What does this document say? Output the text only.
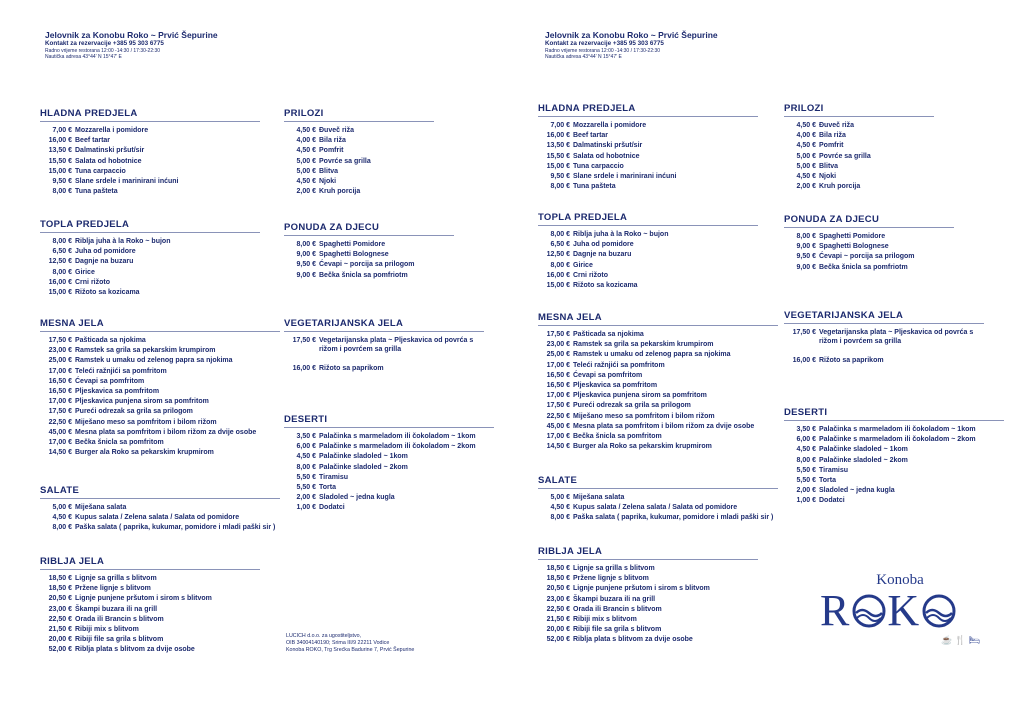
Jelovnik za Konobu Roko ~ Prvić Šepurine
Kontakt za rezervacije +385 95 303 6775
Radno vrijeme restorana 12:00 -14:30 / 17:30-22:30
Nautička adresa 43°44' N 15°47' E
HLADNA PREDJELA
7,00 € Mozzarella i pomidore
16,00 € Beef tartar
13,50 € Dalmatinski pršut/sir
15,50 € Salata od hobotnice
15,00 € Tuna carpaccio
9,50 € Slane srdele i marinirani inćuni
8,00 € Tuna pašteta
TOPLA PREDJELA
8,00 € Riblja juha à la Roko ~ bujon
6,50 € Juha od pomidore
12,50 € Dagnje na buzaru
8,00 € Girice
16,00 € Crni rižoto
15,00 € Rižoto sa kozicama
MESNA JELA
17,50 € Pašticada sa njokima
23,00 € Ramstek sa grila sa pekarskim krumpirom
25,00 € Ramstek u umaku od zelenog papra sa njokima
17,00 € Teleći ražnjići sa pomfritom
16,50 € Ćevapi sa pomfritom
16,50 € Pljeskavica sa pomfritom
17,00 € Pljeskavica punjena sirom sa pomfritom
17,50 € Pureći odrezak sa grila sa prilogom
22,50 € Miješano meso sa pomfritom i bilom rižom
45,00 € Mesna plata sa pomfritom i bilom rižom za dvije osobe
17,00 € Bečka šnicla sa pomfritom
14,50 € Burger ala Roko sa pekarskim krupmirom
SALATE
5,00 € Miješana salata
4,50 € Kupus salata / Zelena salata / Salata od pomidore
8,00 € Paška salata ( paprika, kukumar, pomidore i mladi paški sir )
RIBLJA JELA
18,50 € Lignje sa grilla s blitvom
18,50 € Pržene lignje s blitvom
20,50 € Lignje punjene pršutom i sirom s blitvom
23,00 € Škampi buzara ili na grill
22,50 € Orada ili Brancin s blitvom
21,50 € Ribiji mix s blitvom
20,00 € Ribiji file sa grila s blitvom
52,00 € Riblja plata s blitvom za dvije osobe
PRILOZI
4,50 € Đuveč riža
4,00 € Bila riža
4,50 € Pomfrit
5,00 € Povrće sa grilla
5,00 € Blitva
4,50 € Njoki
2,00 € Kruh porcija
PONUDA ZA DJECU
8,00 € Spaghetti Pomidore
9,00 € Spaghetti Bolognese
9,50 € Ćevapi ~ porcija sa prilogom
9,00 € Bečka šnicla sa pomfriotm
VEGETARIJANSKA JELA
17,50 € Vegetarijanska plata ~ Pljeskavica od povrća s rižom i povrćem sa grilla
16,00 € Rižoto sa paprikom
DESERTI
3,50 € Palačinka s marmeladom ili čokoladom ~ 1kom
6,00 € Palačinke s marmeladom ili čokoladom ~ 2kom
4,50 € Palačinke sladoled ~ 1kom
8,00 € Palačinke sladoled ~ 2kom
5,50 € Tiramisu
5,50 € Torta
2,00 € Sladoled ~ jedna kugla
1,00 € Dodatci
LUCICH d.o.o. za ugostiteljstvo,
OIB 34004140190; Srima III/9 22211 Vodice
Konoba ROKO, Trg Srećka Badurine 7, Prvić Šepurine
Jelovnik za Konobu Roko ~ Prvić Šepurine
Kontakt za rezervacije +385 95 303 6775
Radno vrijeme restorana 12:00 -14:30 / 17:30-22:30
Nautička adresa 43°44' N 15°47' E
HLADNA PREDJELA
7,00 € Mozzarella i pomidore
16,00 € Beef tartar
13,50 € Dalmatinski pršut/sir
15,50 € Salata od hobotnice
15,00 € Tuna carpaccio
9,50 € Slane srdele i marinirani inćuni
8,00 € Tuna pašteta
TOPLA PREDJELA
8,00 € Riblja juha à la Roko ~ bujon
6,50 € Juha od pomidore
12,50 € Dagnje na buzaru
8,00 € Girice
16,00 € Crni rižoto
15,00 € Rižoto sa kozicama
MESNA JELA
17,50 € Pašticada sa njokima
23,00 € Ramstek sa grila sa pekarskim krumpirom
25,00 € Ramstek u umaku od zelenog papra sa njokima
17,00 € Teleći ražnjići sa pomfritom
16,50 € Ćevapi sa pomfritom
16,50 € Pljeskavica sa pomfritom
17,00 € Pljeskavica punjena sirom sa pomfritom
17,50 € Pureći odrezak sa grila sa prilogom
22,50 € Miješano meso sa pomfritom i bilom rižom
45,00 € Mesna plata sa pomfritom i bilom rižom za dvije osobe
17,00 € Bečka šnicla sa pomfritom
14,50 € Burger ala Roko sa pekarskim krupmirom
SALATE
5,00 € Miješana salata
4,50 € Kupus salata / Zelena salata / Salata od pomidore
8,00 € Paška salata ( paprika, kukumar, pomidore i mladi paški sir )
RIBLJA JELA
18,50 € Lignje sa grilla s blitvom
18,50 € Pržene lignje s blitvom
20,50 € Lignje punjene pršutom i sirom s blitvom
23,00 € Škampi buzara ili na grill
22,50 € Orada ili Brancin s blitvom
21,50 € Ribiji mix s blitvom
20,00 € Ribiji file sa grila s blitvom
52,00 € Riblja plata s blitvom za dvije osobe
PRILOZI
4,50 € Đuveč riža
4,00 € Bila riža
4,50 € Pomfrit
5,00 € Povrće sa grilla
5,00 € Blitva
4,50 € Njoki
2,00 € Kruh porcija
PONUDA ZA DJECU
8,00 € Spaghetti Pomidore
9,00 € Spaghetti Bolognese
9,50 € Ćevapi ~ porcija sa prilogom
9,00 € Bečka šnicla sa pomfriotm
VEGETARIJANSKA JELA
17,50 € Vegetarijanska plata ~ Pljeskavica od povrća s rižom i povrćem sa grilla
16,00 € Rižoto sa paprikom
DESERTI
3,50 € Palačinka s marmeladom ili čokoladom ~ 1kom
6,00 € Palačinke s marmeladom ili čokoladom ~ 2kom
4,50 € Palačinke sladoled ~ 1kom
8,00 € Palačinke sladoled ~ 2kom
5,50 € Tiramisu
5,50 € Torta
2,00 € Sladoled ~ jedna kugla
1,00 € Dodatci
Konoba
R K
☕ 🍴 🛏
